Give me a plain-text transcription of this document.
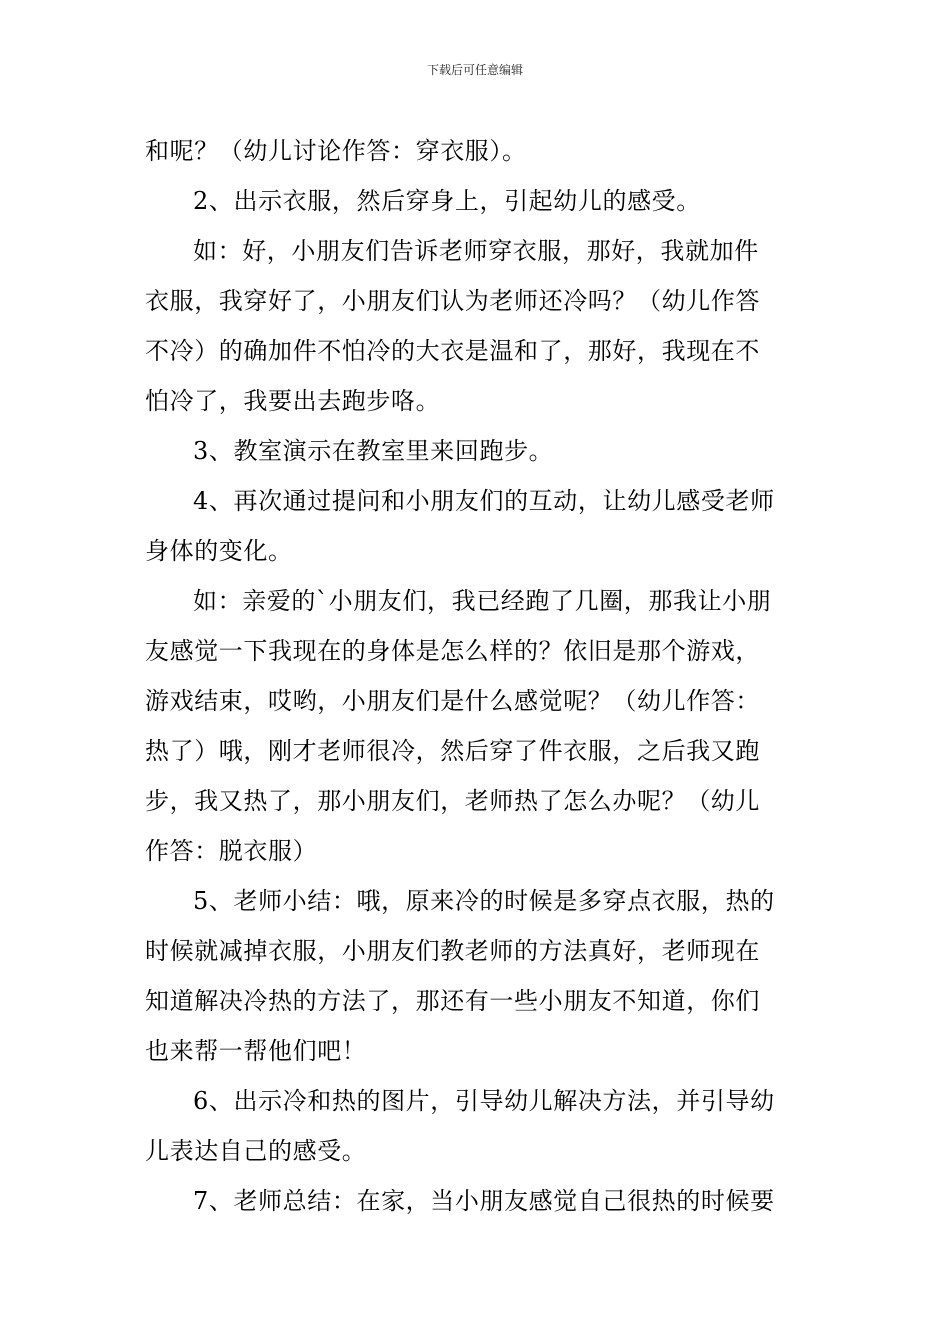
下载后可任意编辑
和呢？（幼儿讨论作答：穿衣服）。
2、出示衣服，然后穿身上，引起幼儿的感受。
如：好，小朋友们告诉老师穿衣服，那好，我就加件
衣服，我穿好了，小朋友们认为老师还冷吗？（幼儿作答
不冷）的确加件不怕冷的大衣是温和了，那好，我现在不
怕冷了，我要出去跑步咯。
3、教室演示在教室里来回跑步。
4、再次通过提问和小朋友们的互动，让幼儿感受老师
身体的变化。
如：亲爱的`小朋友们，我已经跑了几圈，那我让小朋
友感觉一下我现在的身体是怎么样的？依旧是那个游戏，
游戏结束，哎哟，小朋友们是什么感觉呢？（幼儿作答：
热了）哦，刚才老师很冷，然后穿了件衣服，之后我又跑
步，我又热了，那小朋友们，老师热了怎么办呢？（幼儿
作答：脱衣服）
5、老师小结：哦，原来冷的时候是多穿点衣服，热的
时候就减掉衣服，小朋友们教老师的方法真好，老师现在
知道解决冷热的方法了，那还有一些小朋友不知道，你们
也来帮一帮他们吧！
6、出示冷和热的图片，引导幼儿解决方法，并引导幼
儿表达自己的感受。
7、老师总结：在家，当小朋友感觉自己很热的时候要
